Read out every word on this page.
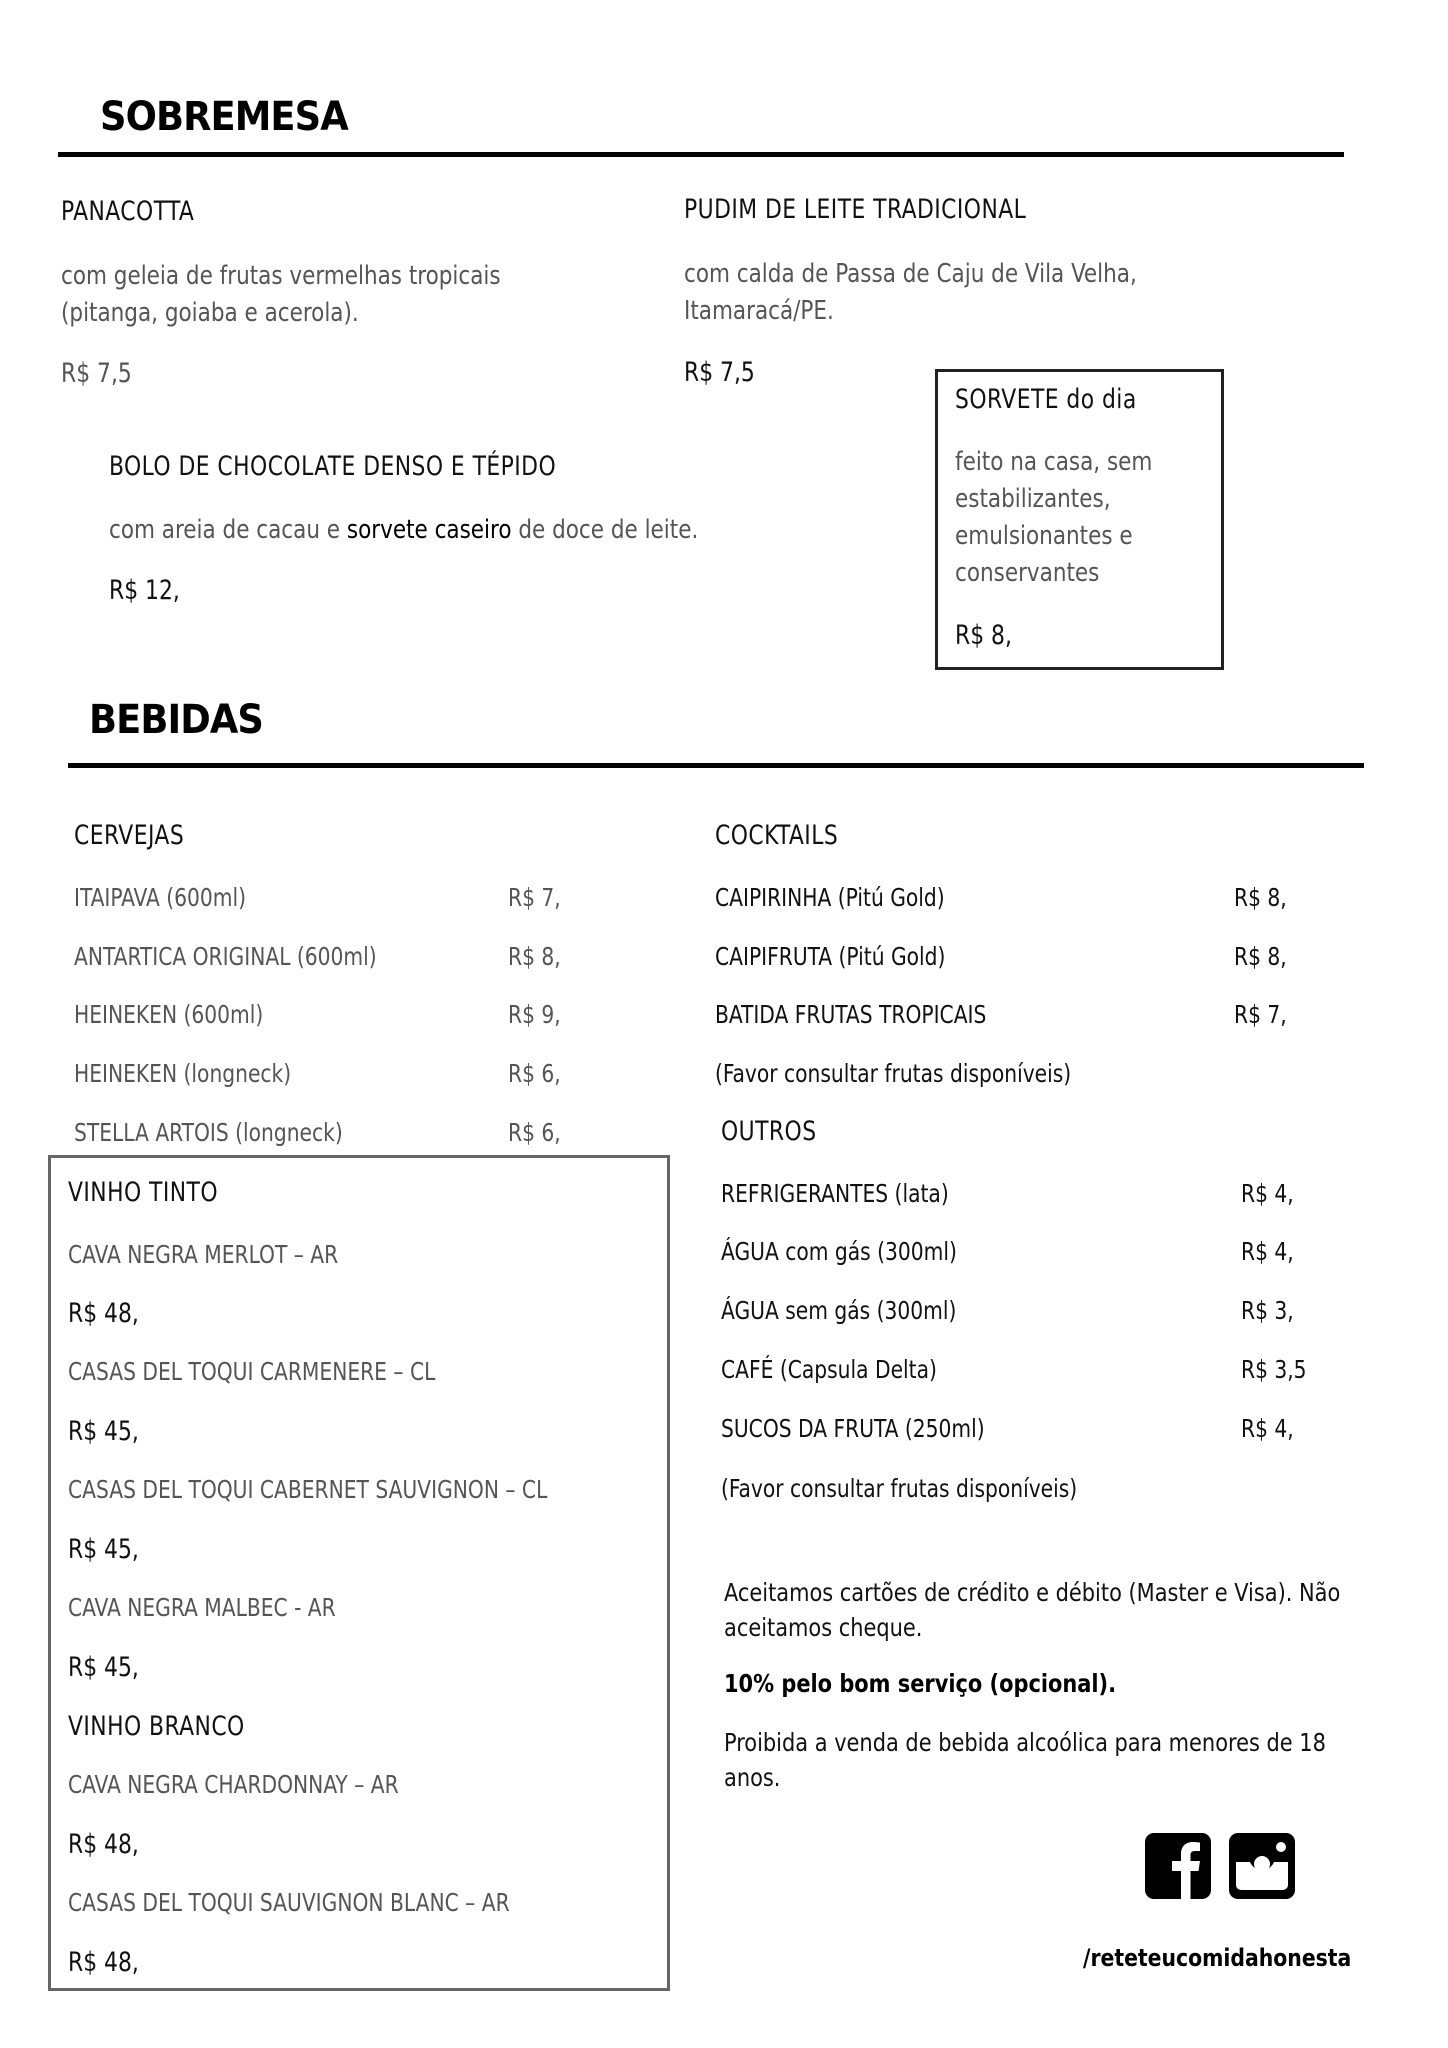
SOBREMESA
PANACOTTA
com geleia de frutas vermelhas tropicais (pitanga, goiaba e acerola).
R$ 7,5
PUDIM DE LEITE TRADICIONAL
com calda de Passa de Caju de Vila Velha, Itamaracá/PE.
R$ 7,5
BOLO DE CHOCOLATE DENSO E TÉPIDO
com areia de cacau e sorvete caseiro de doce de leite.
R$ 12,
SORVETE do dia
feito na casa, sem estabilizantes, emulsionantes e conservantes
R$ 8,
BEBIDAS
CERVEJAS
ITAIPAVA (600ml)	R$ 7,
ANTARTICA ORIGINAL (600ml)	R$ 8,
HEINEKEN (600ml)	R$ 9,
HEINEKEN (longneck)	R$ 6,
STELLA ARTOIS (longneck)	R$ 6,
COCKTAILS
CAIPIRINHA (Pitú Gold)	R$ 8,
CAIPIFRUTA (Pitú Gold)	R$ 8,
BATIDA FRUTAS TROPICAIS	R$ 7,
(Favor consultar frutas disponíveis)
OUTROS
REFRIGERANTES (lata)	R$ 4,
ÁGUA com gás (300ml)	R$ 4,
ÁGUA sem gás (300ml)	R$ 3,
CAFÉ (Capsula Delta)	R$ 3,5
SUCOS DA FRUTA (250ml)	R$ 4,
(Favor consultar frutas disponíveis)
VINHO TINTO
CAVA NEGRA MERLOT – AR
R$ 48,
CASAS DEL TOQUI CARMENERE – CL
R$ 45,
CASAS DEL TOQUI CABERNET SAUVIGNON – CL
R$ 45,
CAVA NEGRA MALBEC - AR
R$ 45,
VINHO BRANCO
CAVA NEGRA CHARDONNAY – AR
R$ 48,
CASAS DEL TOQUI SAUVIGNON BLANC – AR
R$ 48,
Aceitamos cartões de crédito e débito (Master e Visa). Não aceitamos cheque.
10% pelo bom serviço (opcional).
Proibida a venda de bebida alcoólica para menores de 18 anos.
/reteteucomidahonesta
